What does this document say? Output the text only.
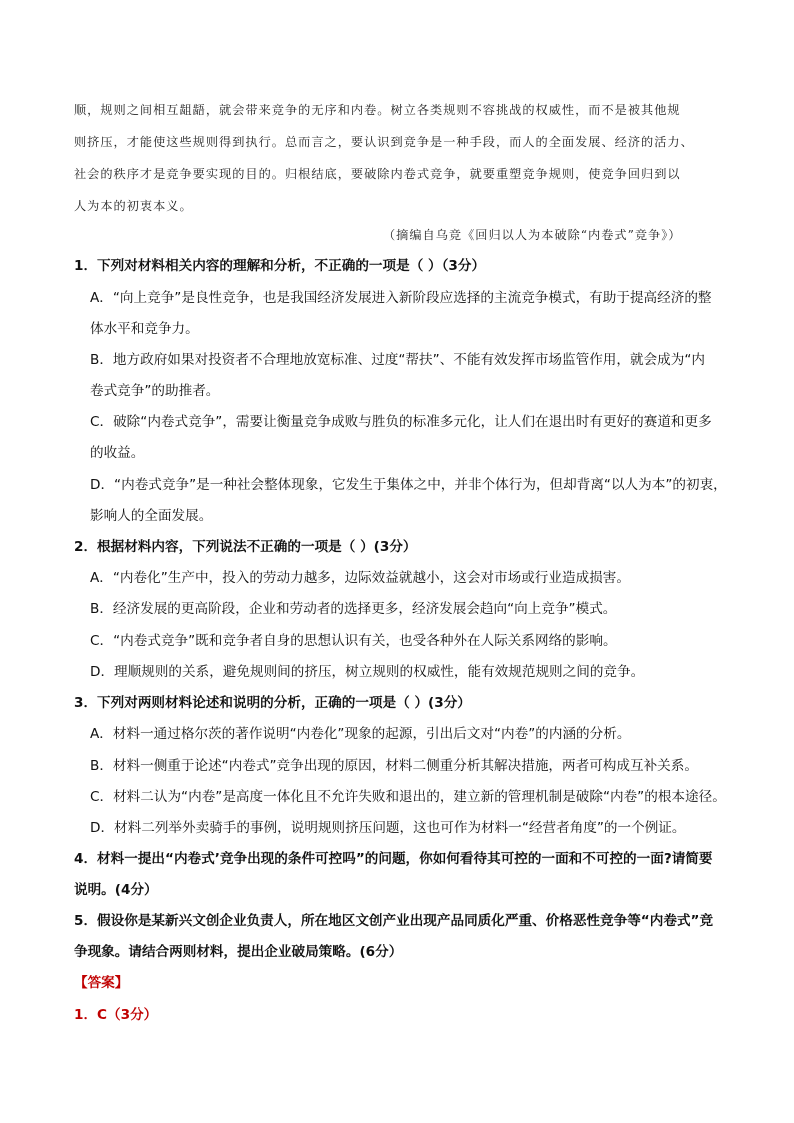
顺，规则之间相互龃龉，就会带来竞争的无序和内卷。树立各类规则不容挑战的权威性，而不是被其他规
则挤压，才能使这些规则得到执行。总而言之，要认识到竞争是一种手段，而人的全面发展、经济的活力、
社会的秩序才是竞争要实现的目的。归根结底，要破除内卷式竞争，就要重塑竞争规则，使竞争回归到以
人为本的初衷本义。
（摘编自乌竞《回归以人为本破除“内卷式”竞争》）
1．下列对材料相关内容的理解和分析，不正确的一项是（ ）（3分）
A．“向上竞争”是良性竞争，也是我国经济发展进入新阶段应选择的主流竞争模式，有助于提高经济的整
体水平和竞争力。
B．地方政府如果对投资者不合理地放宽标准、过度“帮扶”、不能有效发挥市场监管作用，就会成为“内
卷式竞争”的助推者。
C．破除“内卷式竞争”，需要让衡量竞争成败与胜负的标准多元化，让人们在退出时有更好的赛道和更多
的收益。
D．“内卷式竞争”是一种社会整体现象，它发生于集体之中，并非个体行为，但却背离“以人为本”的初衷，
影响人的全面发展。
2．根据材料内容，下列说法不正确的一项是（ ）(3分）
A．“内卷化”生产中，投入的劳动力越多，边际效益就越小，这会对市场或行业造成损害。
B．经济发展的更高阶段，企业和劳动者的选择更多，经济发展会趋向“向上竞争”模式。
C．“内卷式竞争”既和竞争者自身的思想认识有关，也受各种外在人际关系网络的影响。
D．理顺规则的关系，避免规则间的挤压，树立规则的权威性，能有效规范规则之间的竞争。
3．下列对两则材料论述和说明的分析，正确的一项是（ ）(3分）
A．材料一通过格尔茨的著作说明“内卷化”现象的起源，引出后文对“内卷”的内涵的分析。
B．材料一侧重于论述“内卷式”竞争出现的原因，材料二侧重分析其解决措施，两者可构成互补关系。
C．材料二认为“内卷”是高度一体化且不允许失败和退出的，建立新的管理机制是破除“内卷”的根本途径。
D．材料二列举外卖骑手的事例，说明规则挤压问题，这也可作为材料一“经营者角度”的一个例证。
4．材料一提出“内卷式’竞争出现的条件可控吗”的问题，你如何看待其可控的一面和不可控的一面?请简要
说明。(4分）
5．假设你是某新兴文创企业负责人，所在地区文创产业出现产品同质化严重、价格恶性竞争等“内卷式”竞
争现象。请结合两则材料，提出企业破局策略。(6分）
【答案】
1．C（3分）
